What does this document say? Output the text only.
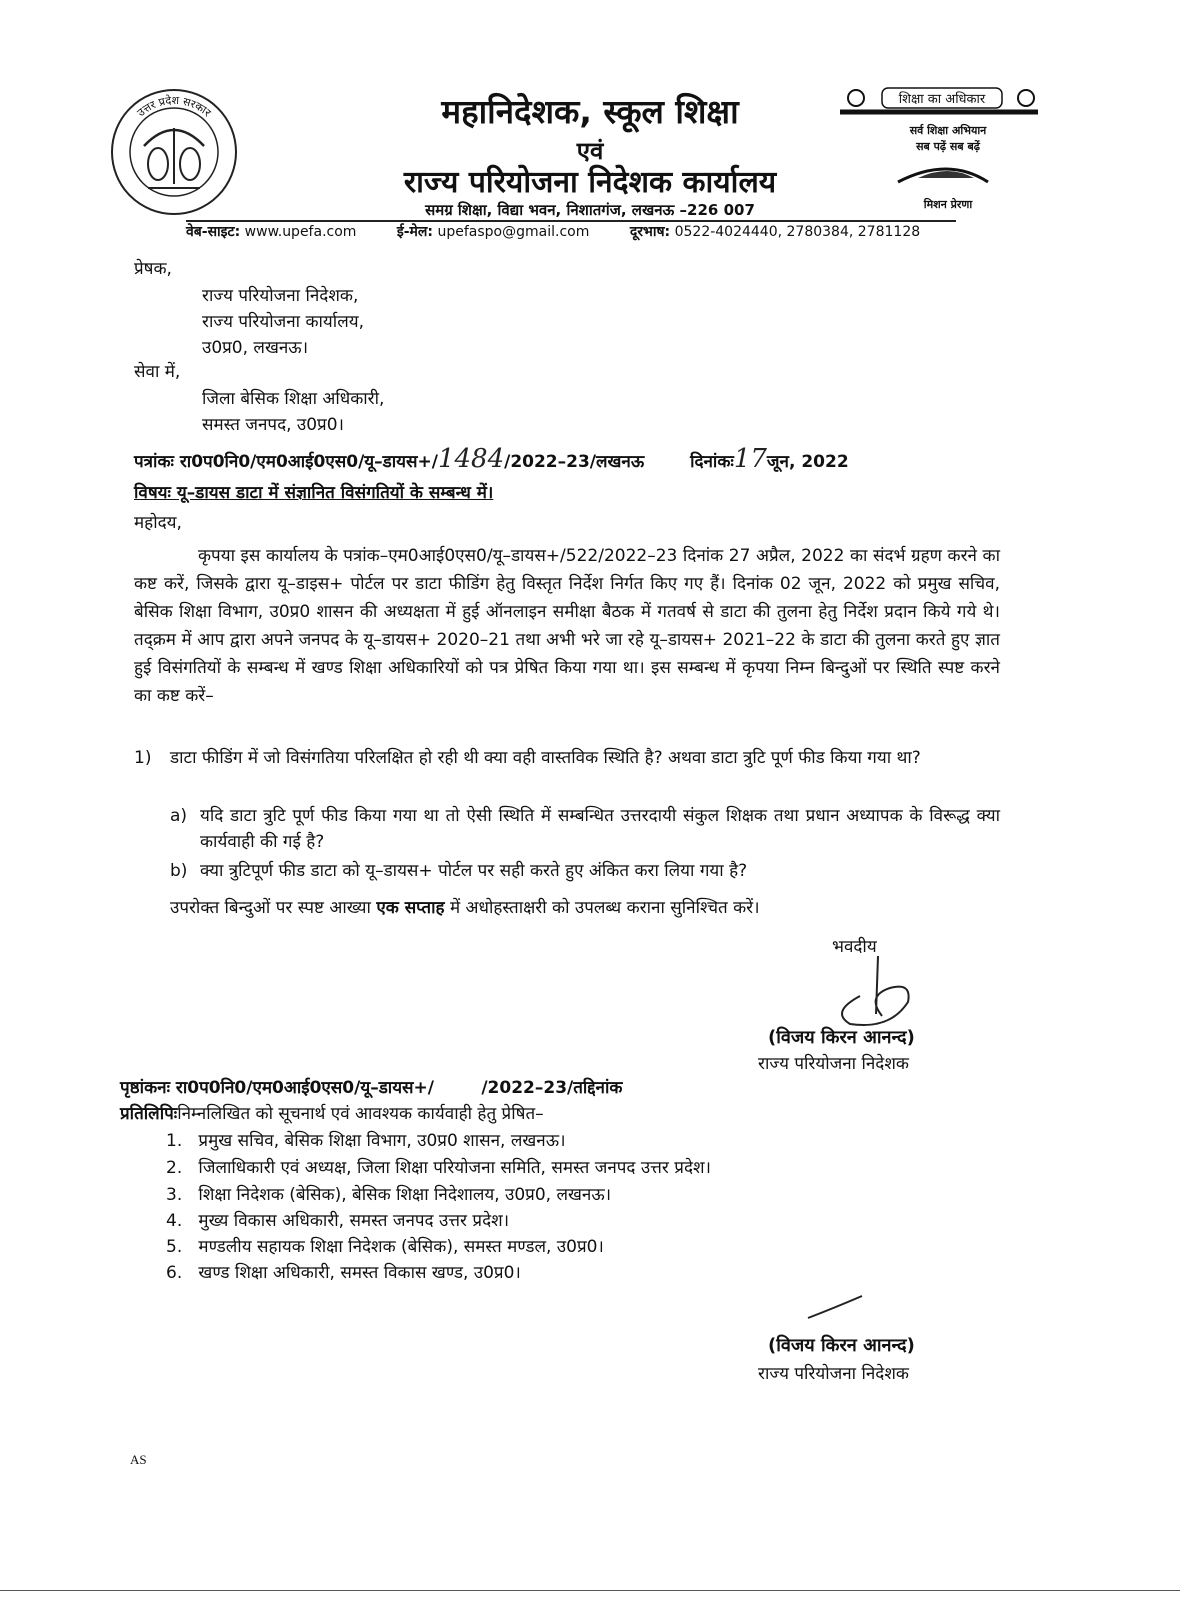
उत्तर प्रदेश सरकार	महानिदेशक, स्कूल शिक्षा
एवं
राज्य परियोजना निदेशक कार्यालय
समग्र शिक्षा, विद्या भवन, निशातगंज, लखनऊ –226 007
वेब-साइट: www.upefa.com	ई-मेल: upefaspo@gmail.com	दूरभाष: 0522-4024440, 2780384, 2781128
शिक्षा का अधिकार
सर्व शिक्षा अभियान
सब पढ़ें सब बढ़ें
मिशन प्रेरणा
प्रेषक,
राज्य परियोजना निदेशक,
राज्य परियोजना कार्यालय,
उ0प्र0, लखनऊ।
सेवा में,
जिला बेसिक शिक्षा अधिकारी,
समस्त जनपद, उ0प्र0।
पत्रांकः रा0प0नि0/एम0आई0एस0/यू–डायस+/1484/2022–23/लखनऊ	दिनांकः17जून, 2022
विषयः यू–डायस डाटा में संज्ञानित विसंगतियों के सम्बन्ध में।
महोदय,
कृपया इस कार्यालय के पत्रांक–एम0आई0एस0/यू–डायस+/522/2022–23 दिनांक 27 अप्रैल, 2022 का संदर्भ ग्रहण करने का कष्ट करें, जिसके द्वारा यू–डाइस+ पोर्टल पर डाटा फीडिंग हेतु विस्तृत निर्देश निर्गत किए गए हैं। दिनांक 02 जून, 2022 को प्रमुख सचिव, बेसिक शिक्षा विभाग, उ0प्र0 शासन की अध्यक्षता में हुई ऑनलाइन समीक्षा बैठक में गतवर्ष से डाटा की तुलना हेतु निर्देश प्रदान किये गये थे। तद्क्रम में आप द्वारा अपने जनपद के यू–डायस+ 2020–21 तथा अभी भरे जा रहे यू–डायस+ 2021–22 के डाटा की तुलना करते हुए ज्ञात हुई विसंगतियों के सम्बन्ध में खण्ड शिक्षा अधिकारियों को पत्र प्रेषित किया गया था। इस सम्बन्ध में कृपया निम्न बिन्दुओं पर स्थिति स्पष्ट करने का कष्ट करें–
1) डाटा फीडिंग में जो विसंगतिया परिलक्षित हो रही थी क्या वही वास्तविक स्थिति है? अथवा डाटा त्रुटि पूर्ण फीड किया गया था?
a) यदि डाटा त्रुटि पूर्ण फीड किया गया था तो ऐसी स्थिति में सम्बन्धित उत्तरदायी संकुल शिक्षक तथा प्रधान अध्यापक के विरूद्ध क्या कार्यवाही की गई है?
b) क्या त्रुटिपूर्ण फीड डाटा को यू–डायस+ पोर्टल पर सही करते हुए अंकित करा लिया गया है?
उपरोक्त बिन्दुओं पर स्पष्ट आख्या एक सप्ताह में अधोहस्ताक्षरी को उपलब्ध कराना सुनिश्चित करें।
भवदीय
(विजय किरन आनन्द)
राज्य परियोजना निदेशक
पृष्ठांकनः रा0प0नि0/एम0आई0एस0/यू–डायस+/        /2022–23/तद्दिनांक
प्रतिलिपिःनिम्नलिखित को सूचनार्थ एवं आवश्यक कार्यवाही हेतु प्रेषित–
1.   प्रमुख सचिव, बेसिक शिक्षा विभाग, उ0प्र0 शासन, लखनऊ।
2.   जिलाधिकारी एवं अध्यक्ष, जिला शिक्षा परियोजना समिति, समस्त जनपद उत्तर प्रदेश।
3.   शिक्षा निदेशक (बेसिक), बेसिक शिक्षा निदेशालय, उ0प्र0, लखनऊ।
4.   मुख्य विकास अधिकारी, समस्त जनपद उत्तर प्रदेश।
5.   मण्डलीय सहायक शिक्षा निदेशक (बेसिक), समस्त मण्डल, उ0प्र0।
6.   खण्ड शिक्षा अधिकारी, समस्त विकास खण्ड, उ0प्र0।
(विजय किरन आनन्द)
राज्य परियोजना निदेशक
AS
